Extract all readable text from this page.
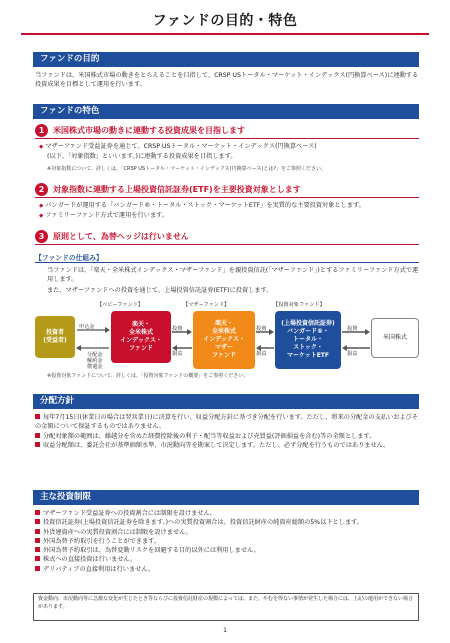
ファンドの目的・特色
ファンドの目的
当ファンドは、米国株式市場の動きをとらえることを目指して、CRSP USトータル・マーケット・インデックス(円換算ベース)に連動する投資成果を目標として運用を行います。
ファンドの特色
1	米国株式市場の動きに連動する投資成果を目指します
◆ マザーファンド受益証券を通じて、CRSP USトータル・マーケット・インデックス(円換算ベース)
(以下、「対象指数」といいます。)に連動する投資成果を目指します。
※対象指数について、詳しくは、「CRSP USトータル・マーケット・インデックス(円換算ベース)とは?」をご参照ください。
2	対象指数に連動する上場投資信託証券(ETF)を主要投資対象とします
◆ バンガードが運用する「バンガード®・トータル・ストック・マーケットETF」を実質的な主要投資対象とします。
◆ ファミリーファンド方式で運用を行います。
3	原則として、為替ヘッジは行いません
【ファンドの仕組み】
当ファンドは、「楽天・全米株式インデックス・マザーファンド」を親投資信託(「マザーファンド」)とするファミリーファンド方式で運用します。
また、マザーファンドへの投資を通じて、上場投資信託証券(ETF)に投資します。
【ベビーファンド】	【マザーファンド】	【投資対象ファンド】
投資者
(受益者)
楽天・
全米株式
インデックス・
ファンド
楽天・
全米株式
インデックス・
マザー
ファンド
(上場投資信託証券)
バンガード®・
トータル・
ストック・
マーケットETF
米国株式
申込金
分配金
解約金
償還金
投資
損益
投資
損益
投資
損益
※投資対象ファンドについて、詳しくは、「投資対象ファンドの概要」をご参照ください。
分配方針
毎年7月15日(休業日の場合は翌営業日)に決算を行い、収益分配方針に基づき分配を行います。ただし、将来の分配金の支払いおよびその金額について保証するものではありません。
分配対象額の範囲は、繰越分を含めた経費控除後の利子・配当等収益および売買益(評価損益を含む)等の全額とします。
収益分配額は、委託会社が基準価額水準、市況動向等を勘案して決定します。ただし、必ず分配を行うものではありません。
主な投資制限
マザーファンド受益証券への投資割合には制限を設けません。
投資信託証券(上場投資信託証券を除きます。)への実質投資割合は、投資信託財産の純資産総額の5%以下とします。
外貨建資産への実質投資割合には制限を設けません。
外国為替予約取引を行うことができます。
外国為替予約取引は、為替変動リスクを回避する目的以外には利用しません。
株式への直接投資は行いません。
デリバティブの直接利用は行いません。
資金動向、市況動向等に急激な変化が生じたとき等ならびに投資信託財産の規模によっては、また、やむを得ない事情が発生した場合には、上記の運用ができない場合があります。
1
